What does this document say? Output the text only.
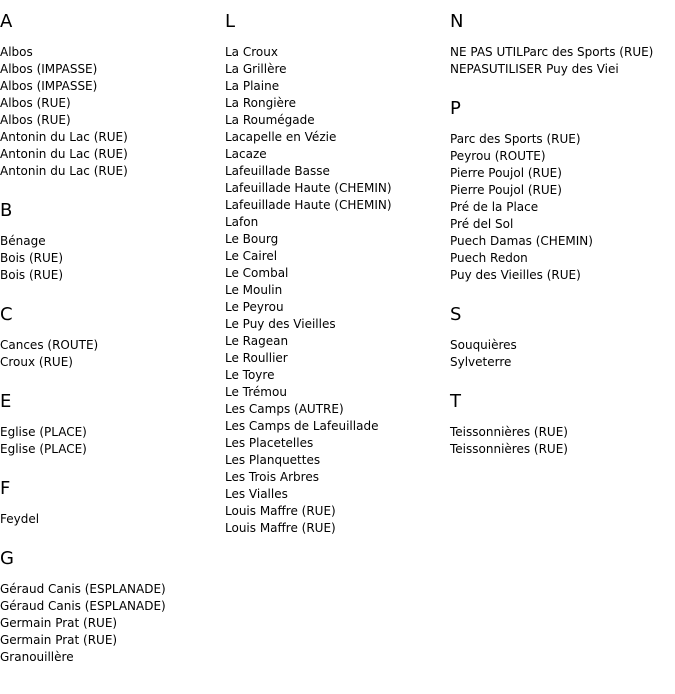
A
Albos
Albos (IMPASSE)
Albos (IMPASSE)
Albos (RUE)
Albos (RUE)
Antonin du Lac (RUE)
Antonin du Lac (RUE)
Antonin du Lac (RUE)
B
Bénage
Bois (RUE)
Bois (RUE)
C
Cances (ROUTE)
Croux (RUE)
E
Eglise (PLACE)
Eglise (PLACE)
F
Feydel
G
Géraud Canis (ESPLANADE)
Géraud Canis (ESPLANADE)
Germain Prat (RUE)
Germain Prat (RUE)
Granouillère
L
La Croux
La Grillère
La Plaine
La Rongière
La Roumégade
Lacapelle en Vézie
Lacaze
Lafeuillade Basse
Lafeuillade Haute (CHEMIN)
Lafeuillade Haute (CHEMIN)
Lafon
Le Bourg
Le Cairel
Le Combal
Le Moulin
Le Peyrou
Le Puy des Vieilles
Le Ragean
Le Roullier
Le Toyre
Le Trémou
Les Camps (AUTRE)
Les Camps de Lafeuillade
Les Placetelles
Les Planquettes
Les Trois Arbres
Les Vialles
Louis Maffre (RUE)
Louis Maffre (RUE)
N
NE PAS UTILParc des Sports (RUE)
NEPASUTILISER Puy des Viei
P
Parc des Sports (RUE)
Peyrou (ROUTE)
Pierre Poujol (RUE)
Pierre Poujol (RUE)
Pré de la Place
Pré del Sol
Puech Damas (CHEMIN)
Puech Redon
Puy des Vieilles (RUE)
S
Souquières
Sylveterre
T
Teissonnières (RUE)
Teissonnières (RUE)
